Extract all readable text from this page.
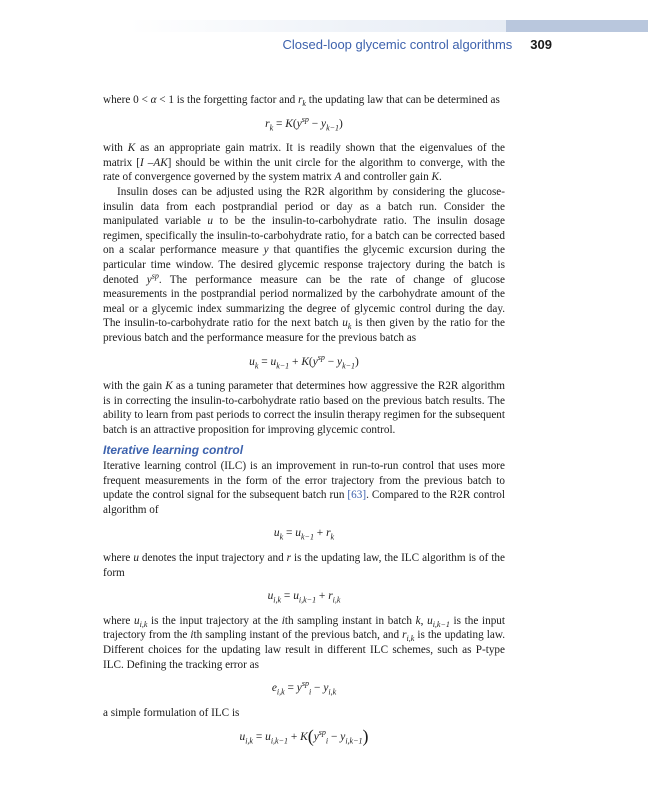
Closed-loop glycemic control algorithms 309

where 0 < α < 1 is the forgetting factor and $r_k$ the updating law that can be determined as

$r_k = K(y^{sp} - y_{k-1})$

with K as an appropriate gain matrix. It is readily shown that the eigenvalues of the matrix [I –AK] should be within the unit circle for the algorithm to converge, with the rate of convergence governed by the system matrix A and controller gain K.

Insulin doses can be adjusted using the R2R algorithm by considering the glucose-insulin data from each postprandial period or day as a batch run. Consider the manipulated variable u to be the insulin-to-carbohydrate ratio. The insulin dosage regimen, specifically the insulin-to-carbohydrate ratio, for a batch can be corrected based on a scalar performance measure y that quantifies the glycemic excursion during the particular time window. The desired glycemic response trajectory during the batch is denoted $y^{sp}$. The performance measure can be the rate of change of glucose measurements in the postprandial period normalized by the carbohydrate amount of the meal or a glycemic index summarizing the degree of glycemic control during the day. The insulin-to-carbohydrate ratio for the next batch $u_k$ is then given by the ratio for the previous batch and the performance measure for the previous batch as

$u_k = u_{k-1} + K(y^{sp} - y_{k-1})$

with the gain K as a tuning parameter that determines how aggressive the R2R algorithm is in correcting the insulin-to-carbohydrate ratio based on the previous batch results. The ability to learn from past periods to correct the insulin therapy regimen for the subsequent batch is an attractive proposition for improving glycemic control.

Iterative learning control

Iterative learning control (ILC) is an improvement in run-to-run control that uses more frequent measurements in the form of the error trajectory from the previous batch to update the control signal for the subsequent batch run [63]. Compared to the R2R control algorithm of

$u_k = u_{k-1} + r_k$

where u denotes the input trajectory and r is the updating law, the ILC algorithm is of the form

$u_{i,k} = u_{i,k-1} + r_{i,k}$

where $u_{i,k}$ is the input trajectory at the ith sampling instant in batch k, $u_{i,k-1}$ is the input trajectory from the ith sampling instant of the previous batch, and $r_{i,k}$ is the updating law. Different choices for the updating law result in different ILC schemes, such as P-type ILC. Defining the tracking error as

$e_{i,k} = y^{sp}_i - y_{i,k}$

a simple formulation of ILC is

$u_{i,k} = u_{i,k-1} + K(y^{sp}_i - y_{i,k-1})$
